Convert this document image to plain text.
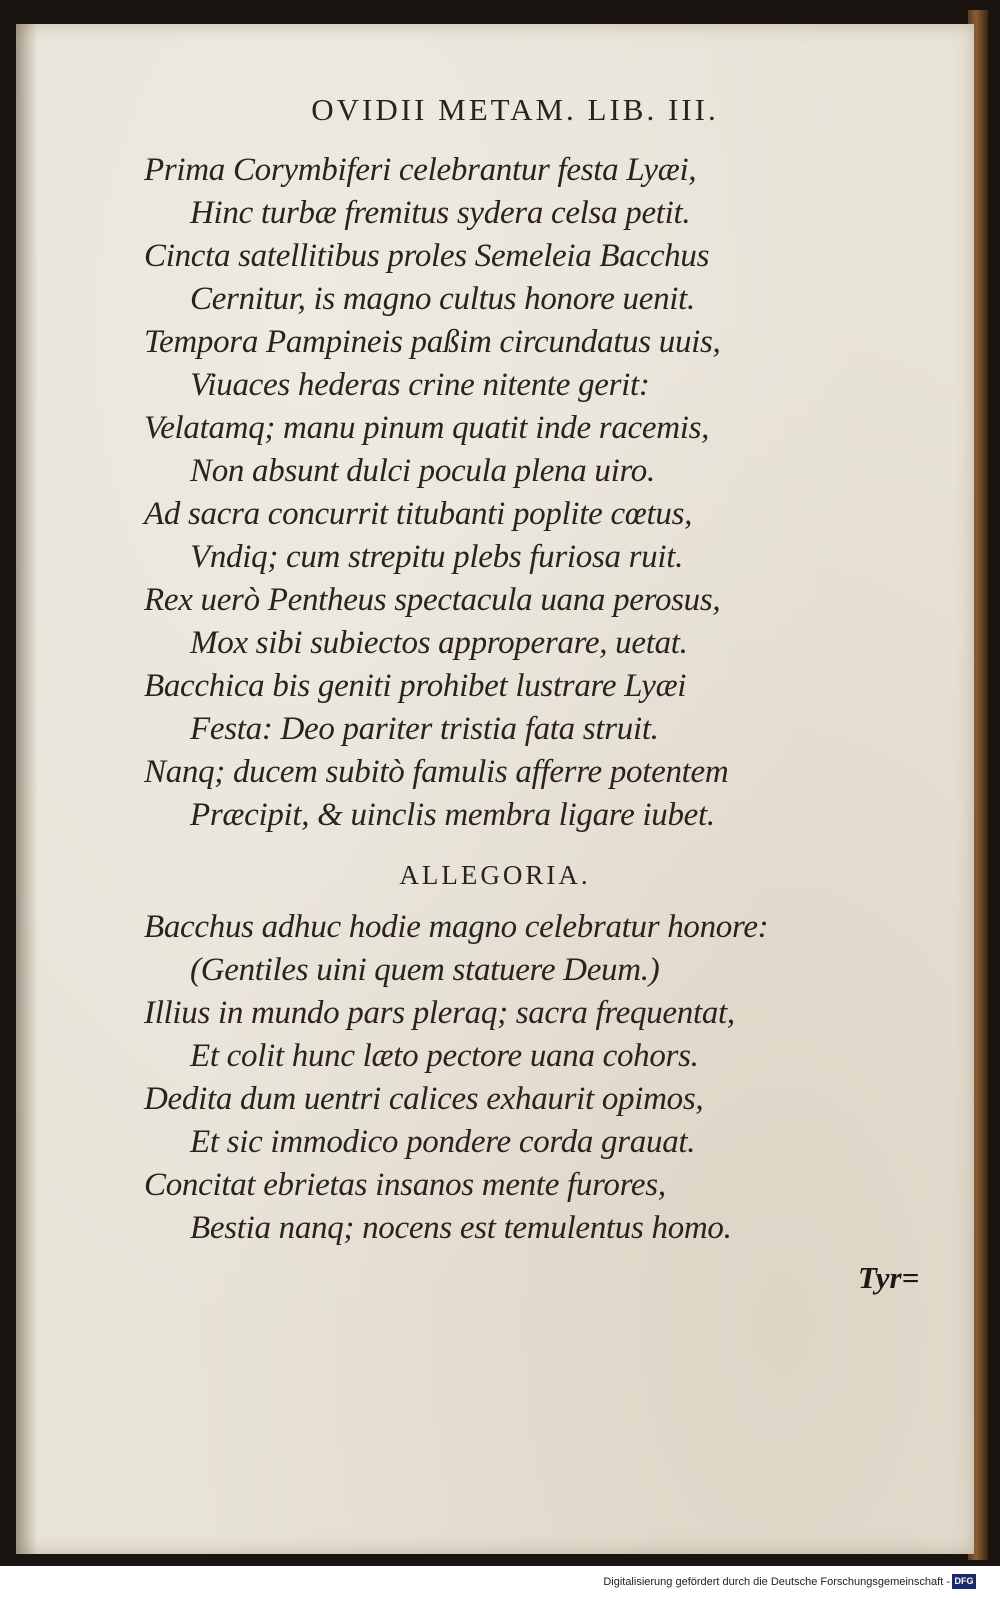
OVIDII METAM. LIB. III.
Prima Corymbiferi celebrantur festa Lyæi,
Hinc turbæ fremitus sydera celsa petit.
Cincta satellitibus proles Semeleia Bacchus
Cernitur, is magno cultus honore uenit.
Tempora Pampineis paßim circundatus uuis,
Viuaces hederas crine nitente gerit:
Velatamq; manu pinum quatit inde racemis,
Non absunt dulci pocula plena uiro.
Ad sacra concurrit titubanti poplite cœtus,
Vndiq; cum strepitu plebs furiosa ruit.
Rex uerò Pentheus spectacula uana perosus,
Mox sibi subiectos approperare, uetat.
Bacchica bis geniti prohibet lustrare Lyæi
Festa: Deo pariter tristia fata struit.
Nanq; ducem subitò famulis afferre potentem
Præcipit, & uinclis membra ligare iubet.
ALLEGORIA.
Bacchus adhuc hodie magno celebratur honore:
(Gentiles uini quem statuere Deum.)
Illius in mundo pars pleraq; sacra frequentat,
Et colit hunc læto pectore uana cohors.
Dedita dum uentri calices exhaurit opimos,
Et sic immodico pondere corda grauat.
Concitat ebrietas insanos mente furores,
Bestia nanq; nocens est temulentus homo.
Tyr=
Digitalisierung gefördert durch die Deutsche Forschungsgemeinschaft - DFG
